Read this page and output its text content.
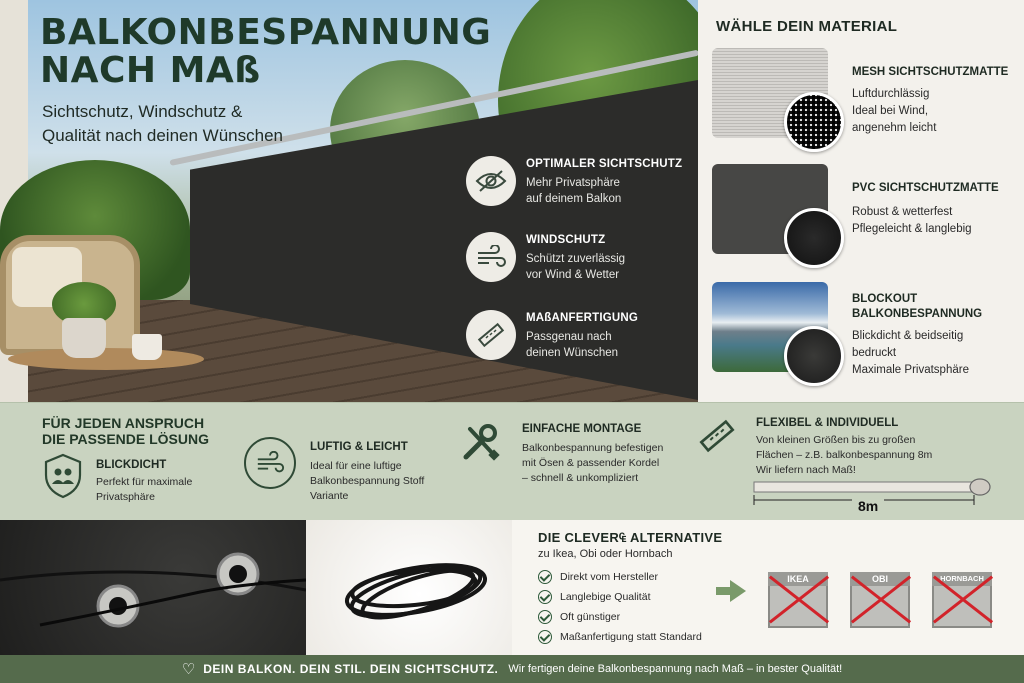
BALKONBESPANNUNG
NACH MAß
Sichtschutz, Windschutz &
Qualität nach deinen Wünschen
OPTIMALER SICHTSCHUTZ
Mehr Privatsphäre
auf deinem Balkon
WINDSCHUTZ
Schützt zuverlässig
vor Wind & Wetter
MAßANFERTIGUNG
Passgenau nach
deinen Wünschen
WÄHLE DEIN MATERIAL
MESH SICHTSCHUTZMATTE
Luftdurchlässig
Ideal bei Wind,
angenehm leicht
PVC SICHTSCHUTZMATTE
Robust & wetterfest
Pflegeleicht & langlebig
BLOCKOUT
BALKONBESPANNUNG
Blickdicht & beidseitig
bedruckt
Maximale Privatsphäre
FÜR JEDEN ANSPRUCH
DIE PASSENDE LÖSUNG
BLICKDICHT
Perfekt für maximale
Privatsphäre
LUFTIG & LEICHT
Ideal für eine luftige
Balkonbespannung Stoff
Variante
EINFACHE MONTAGE
Balkonbespannung befestigen
mit Ösen & passender Kordel
– schnell & unkompliziert
FLEXIBEL & INDIVIDUELL
Von kleinen Größen bis zu großen
Flächen – z.B. balkonbespannung 8m
Wir liefern nach Maß!
8m
DIE CLEVER₠ ALTERNATIVE
zu Ikea, Obi oder Hornbach
Direkt vom Hersteller
Langlebige Qualität
Oft günstiger
Maßanfertigung statt Standard
IKEA	OBI	HORNBACH
♡ DEIN BALKON. DEIN STIL. DEIN SICHTSCHUTZ. Wir fertigen deine Balkonbespannung nach Maß – in bester Qualität!
